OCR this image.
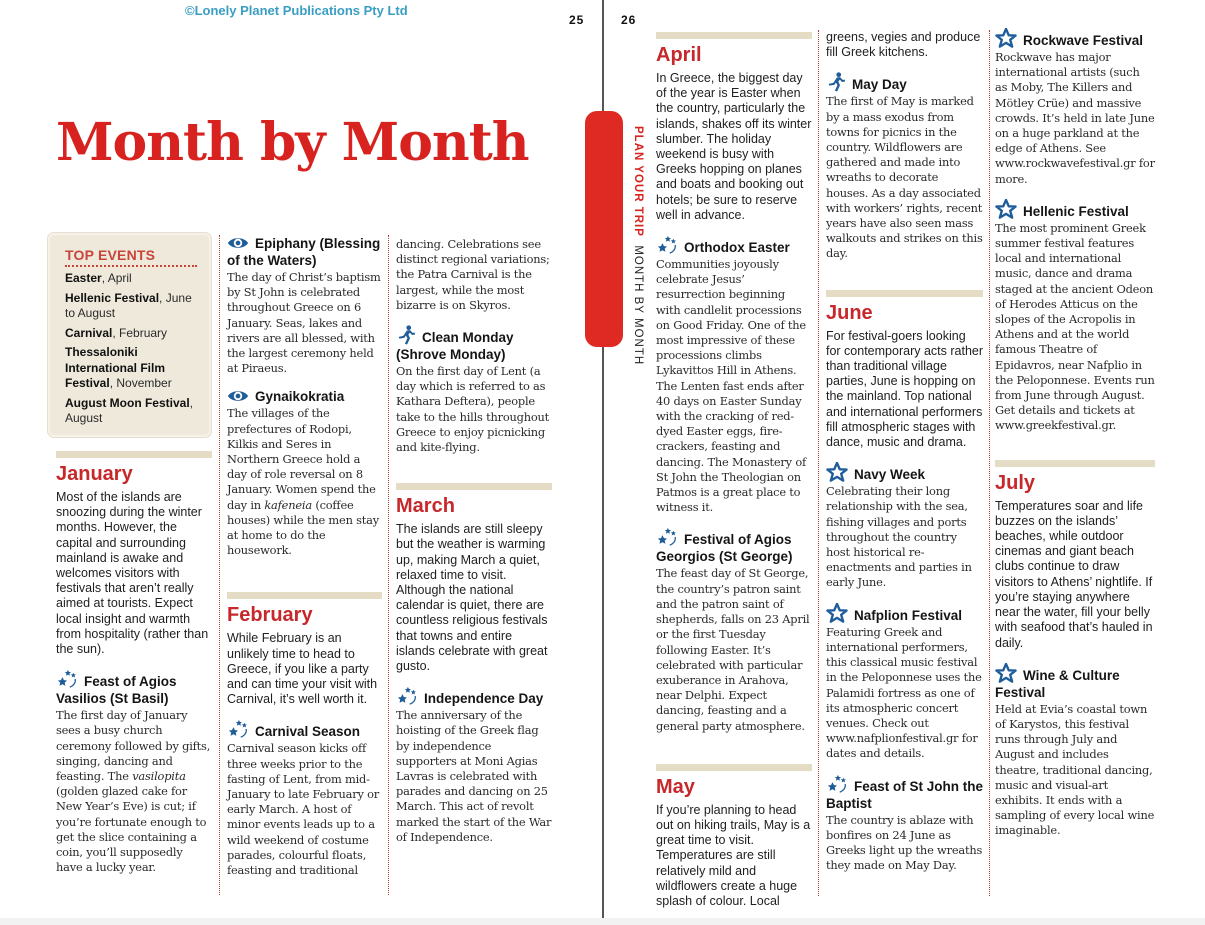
©Lonely Planet Publications Pty Ltd
25	26
Month by Month	PLAN YOUR TRIP  MONTH BY MONTH
TOP EVENTS
Easter, April
Hellenic Festival, June to August
Carnival, February
Thessaloniki International Film Festival, November
August Moon Festival, August
January

Most of the islands are snoozing during the winter months. However, the capital and surrounding mainland is awake and welcomes visitors with festivals that aren’t really aimed at tourists. Expect local insight and warmth from hospitality (rather than the sun).

Feast of Agios Vasilios (St Basil)

The first day of January sees a busy church ceremony followed by gifts, singing, dancing and feasting. The vasilopita (golden glazed cake for New Year’s Eve) is cut; if you’re fortunate enough to get the slice containing a coin, you’ll supposedly have a lucky year.

Epiphany (Blessing of the Waters)

The day of Christ’s baptism by St John is celebrated throughout Greece on 6 January. Seas, lakes and rivers are all blessed, with the largest ceremony held at Piraeus.

Gynaikokratia

The villages of the prefectures of Rodopi, Kilkis and Seres in Northern Greece hold a day of role reversal on 8 January. Women spend the day in kafeneia (coffee houses) while the men stay at home to do the housework.

February

While February is an unlikely time to head to Greece, if you like a party and can time your visit with Carnival, it’s well worth it.

Carnival Season

Carnival season kicks off three weeks prior to the fasting of Lent, from mid-January to late February or early March. A host of minor events leads up to a wild weekend of costume parades, colourful floats, feasting and traditional

dancing. Celebrations see distinct regional variations; the Patra Carnival is the largest, while the most bizarre is on Skyros.

Clean Monday (Shrove Monday)

On the first day of Lent (a day which is referred to as Kathara Deftera), people take to the hills throughout Greece to enjoy picnicking and kite-flying.

March

The islands are still sleepy but the weather is warming up, making March a quiet, relaxed time to visit. Although the national calendar is quiet, there are countless religious festivals that towns and entire islands celebrate with great gusto.

Independence Day

The anniversary of the hoisting of the Greek flag by independence supporters at Moni Agias Lavras is celebrated with parades and dancing on 25 March. This act of revolt marked the start of the War of Independence.

April

In Greece, the biggest day of the year is Easter when the country, particularly the islands, shakes off its winter slumber. The holiday weekend is busy with Greeks hopping on planes and boats and booking out hotels; be sure to reserve well in advance.

Orthodox Easter

Communities joyously celebrate Jesus’ resurrection beginning with candlelit processions on Good Friday. One of the most impressive of these processions climbs Lykavittos Hill in Athens. The Lenten fast ends after 40 days on Easter Sunday with the cracking of red-dyed Easter eggs, fire-crackers, feasting and dancing. The Monastery of St John the Theologian on Patmos is a great place to witness it.

Festival of Agios Georgios (St George)

The feast day of St George, the country’s patron saint and the patron saint of shepherds, falls on 23 April or the first Tuesday following Easter. It’s celebrated with particular exuberance in Arahova, near Delphi. Expect dancing, feasting and a general party atmosphere.

May

If you’re planning to head out on hiking trails, May is a great time to visit. Temperatures are still relatively mild and wildflowers create a huge splash of colour. Local

greens, vegies and produce fill Greek kitchens.

May Day

The first of May is marked by a mass exodus from towns for picnics in the country. Wildflowers are gathered and made into wreaths to decorate houses. As a day associated with workers’ rights, recent years have also seen mass walkouts and strikes on this day.

June

For festival-goers looking for contemporary acts rather than traditional village parties, June is hopping on the mainland. Top national and international performers fill atmospheric stages with dance, music and drama.

Navy Week

Celebrating their long relationship with the sea, fishing villages and ports throughout the country host historical re-enactments and parties in early June.

Nafplion Festival

Featuring Greek and international performers, this classical music festival in the Peloponnese uses the Palamidi fortress as one of its atmospheric concert venues. Check out www.nafplionfestival.gr for dates and details.

Feast of St John the Baptist

The country is ablaze with bonfires on 24 June as Greeks light up the wreaths they made on May Day.

Rockwave Festival

Rockwave has major international artists (such as Moby, The Killers and Mötley Crüe) and massive crowds. It’s held in late June on a huge parkland at the edge of Athens. See www.rockwavefestival.gr for more.

Hellenic Festival

The most prominent Greek summer festival features local and international music, dance and drama staged at the ancient Odeon of Herodes Atticus on the slopes of the Acropolis in Athens and at the world famous Theatre of Epidavros, near Nafplio in the Peloponnese. Events run from June through August. Get details and tickets at www.greekfestival.gr.

July

Temperatures soar and life buzzes on the islands’ beaches, while outdoor cinemas and giant beach clubs continue to draw visitors to Athens’ nightlife. If you’re staying anywhere near the water, fill your belly with seafood that’s hauled in daily.

Wine & Culture Festival

Held at Evia’s coastal town of Karystos, this festival runs through July and August and includes theatre, traditional dancing, music and visual-art exhibits. It ends with a sampling of every local wine imaginable.
